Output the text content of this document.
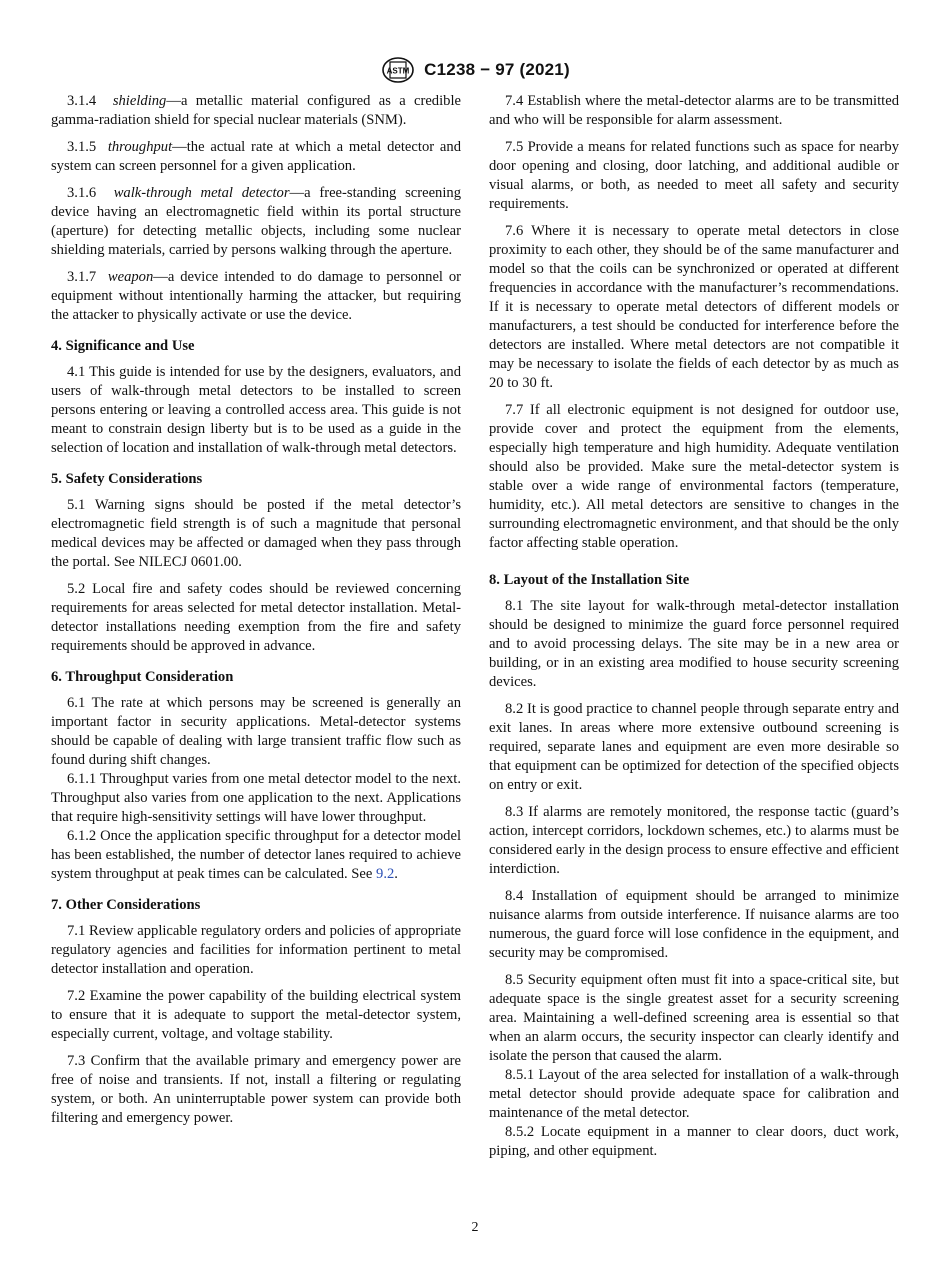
ASTM C1238 − 97 (2021)

3.1.4 shielding—a metallic material configured as a credible gamma-radiation shield for special nuclear materials (SNM).

3.1.5 throughput—the actual rate at which a metal detector and system can screen personnel for a given application.

3.1.6 walk-through metal detector—a free-standing screening device having an electromagnetic field within its portal structure (aperture) for detecting metallic objects, including some nuclear shielding materials, carried by persons walking through the aperture.

3.1.7 weapon—a device intended to do damage to personnel or equipment without intentionally harming the attacker, but requiring the attacker to physically activate or use the device.

4. Significance and Use

4.1 This guide is intended for use by the designers, evaluators, and users of walk-through metal detectors to be installed to screen persons entering or leaving a controlled access area. This guide is not meant to constrain design liberty but is to be used as a guide in the selection of location and installation of walk-through metal detectors.

5. Safety Considerations

5.1 Warning signs should be posted if the metal detector’s electromagnetic field strength is of such a magnitude that personal medical devices may be affected or damaged when they pass through the portal. See NILECJ 0601.00.

5.2 Local fire and safety codes should be reviewed concerning requirements for areas selected for metal detector installation. Metal-detector installations needing exemption from the fire and safety requirements should be approved in advance.

6. Throughput Consideration

6.1 The rate at which persons may be screened is generally an important factor in security applications. Metal-detector systems should be capable of dealing with large transient traffic flow such as found during shift changes.

6.1.1 Throughput varies from one metal detector model to the next. Throughput also varies from one application to the next. Applications that require high-sensitivity settings will have lower throughput.

6.1.2 Once the application specific throughput for a detector model has been established, the number of detector lanes required to achieve system throughput at peak times can be calculated. See 9.2.

7. Other Considerations

7.1 Review applicable regulatory orders and policies of appropriate regulatory agencies and facilities for information pertinent to metal detector installation and operation.

7.2 Examine the power capability of the building electrical system to ensure that it is adequate to support the metal-detector system, especially current, voltage, and voltage stability.

7.3 Confirm that the available primary and emergency power are free of noise and transients. If not, install a filtering or regulating system, or both. An uninterruptable power system can provide both filtering and emergency power.

7.4 Establish where the metal-detector alarms are to be transmitted and who will be responsible for alarm assessment.

7.5 Provide a means for related functions such as space for nearby door opening and closing, door latching, and additional audible or visual alarms, or both, as needed to meet all safety and security requirements.

7.6 Where it is necessary to operate metal detectors in close proximity to each other, they should be of the same manufacturer and model so that the coils can be synchronized or operated at different frequencies in accordance with the manufacturer’s recommendations. If it is necessary to operate metal detectors of different models or manufacturers, a test should be conducted for interference before the detectors are installed. Where metal detectors are not compatible it may be necessary to isolate the fields of each detector by as much as 20 to 30 ft.

7.7 If all electronic equipment is not designed for outdoor use, provide cover and protect the equipment from the elements, especially high temperature and high humidity. Adequate ventilation should also be provided. Make sure the metal-detector system is stable over a wide range of environmental factors (temperature, humidity, etc.). All metal detectors are sensitive to changes in the surrounding electromagnetic environment, and that should be the only factor affecting stable operation.

8. Layout of the Installation Site

8.1 The site layout for walk-through metal-detector installation should be designed to minimize the guard force personnel required and to avoid processing delays. The site may be in a new area or building, or in an existing area modified to house security screening devices.

8.2 It is good practice to channel people through separate entry and exit lanes. In areas where more extensive outbound screening is required, separate lanes and equipment are even more desirable so that equipment can be optimized for detection of the specified objects on entry or exit.

8.3 If alarms are remotely monitored, the response tactic (guard’s action, intercept corridors, lockdown schemes, etc.) to alarms must be considered early in the design process to ensure effective and efficient interdiction.

8.4 Installation of equipment should be arranged to minimize nuisance alarms from outside interference. If nuisance alarms are too numerous, the guard force will lose confidence in the equipment, and security may be compromised.

8.5 Security equipment often must fit into a space-critical site, but adequate space is the single greatest asset for a security screening area. Maintaining a well-defined screening area is essential so that when an alarm occurs, the security inspector can clearly identify and isolate the person that caused the alarm.

8.5.1 Layout of the area selected for installation of a walk-through metal detector should provide adequate space for calibration and maintenance of the metal detector.

8.5.2 Locate equipment in a manner to clear doors, duct work, piping, and other equipment.

2
